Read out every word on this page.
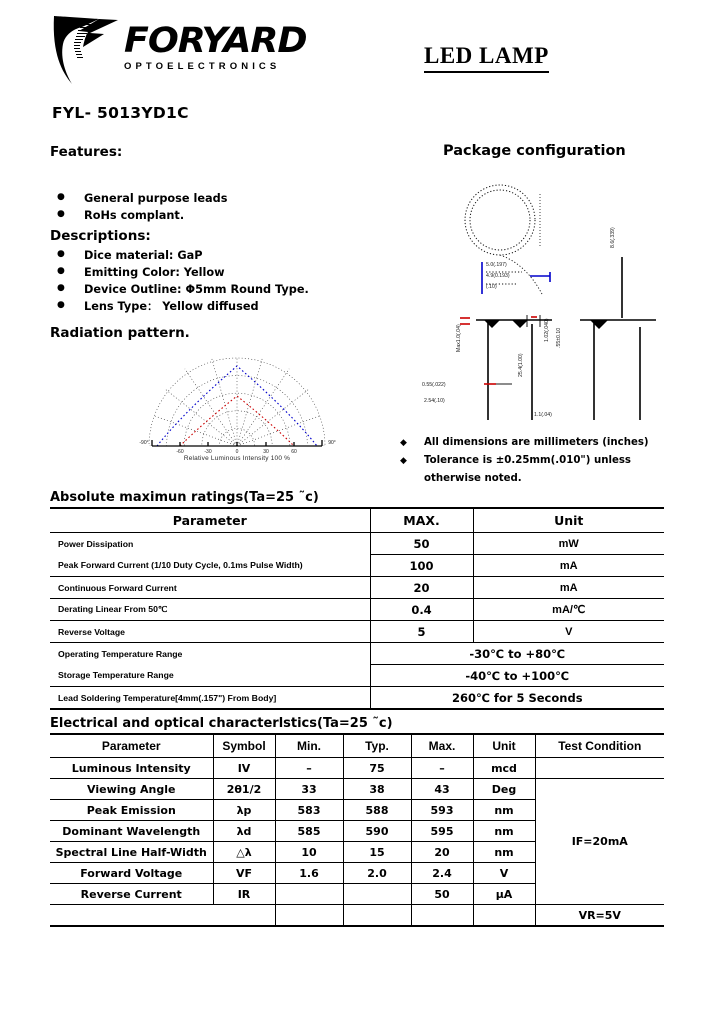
FORYARD
OPTOELECTRONICS	LED LAMP
FYL- 5013YD1C
Features:
● General purpose leads
● RoHs complant.
Descriptions:
● Dice material: GaP
● Emitting Color: Yellow
● Device Outline: Φ5mm Round Type.
● Lens Type： Yellow diffused
Radiation pattern.
-90°	90°
-60	-30	0	30	60
Relative Luminous Intensity 100 %
Package configuration
5.0(.197)
4.9(0.193)
(.10)
8.6(.339)
1.02(.040) .55±0.10
25.4(1.00)
Max1.0(.04)
0.55(.022)
2.54(.10)
1.1(.04)
◆ All dimensions are millimeters (inches)
◆ Tolerance is ±0.25mm(.010") unless
otherwise noted.
Absolute maximun ratings(Ta=25 ˜c)
Parameter	MAX.	Unit
Power Dissipation	50	mW
Peak Forward Current (1/10 Duty Cycle, 0.1ms Pulse Width)	100	mA
Continuous Forward Current	20	mA
Derating Linear From 50℃	0.4	mA/℃
Reverse Voltage	5	V
Operating Temperature Range	-30℃ to +80℃	
Storage Temperature Range	-40℃ to +100℃	
Lead Soldering Temperature[4mm(.157") From Body]	260℃ for 5 Seconds	
Electrical and optical characterlstics(Ta=25 ˜c)
Parameter	Symbol	Min.	Typ.	Max.	Unit	Test Condition
Luminous Intensity	IV	–	75	–	mcd	
Viewing Angle	2θ1/2	33	38	43	Deg	IF=20mA
Peak Emission	λp	583	588	593	nm	
Dominant Wavelength	λd	585	590	595	nm	
Spectral Line Half-Width	△λ	10	15	20	nm	
Forward Voltage	VF	1.6	2.0	2.4	V	
Reverse Current	IR			50	μA	
						VR=5V
